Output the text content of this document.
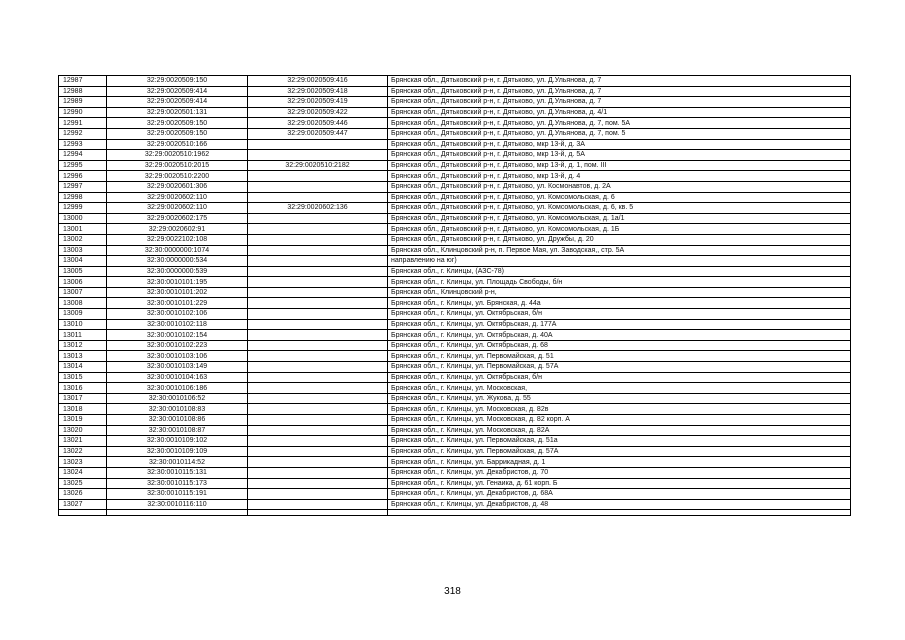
12987	32:29:0020509:150	32:29:0020509:416	Брянская обл., Дятьковский р-н, г. Дятьково, ул. Д.Ульянова, д. 7
12988	32:29:0020509:414	32:29:0020509:418	Брянская обл., Дятьковский р-н, г. Дятьково, ул. Д.Ульянова, д. 7
12989	32:29:0020509:414	32:29:0020509:419	Брянская обл., Дятьковский р-н, г. Дятьково, ул. Д.Ульянова, д. 7
12990	32:29:0020501:131	32:29:0020509:422	Брянская обл., Дятьковский р-н, г. Дятьково, ул. Д.Ульянова, д. 4/1
12991	32:29:0020509:150	32:29:0020509:446	Брянская обл., Дятьковский р-н, г. Дятьково, ул. Д.Ульянова, д. 7, пом. 5А
12992	32:29:0020509:150	32:29:0020509:447	Брянская обл., Дятьковский р-н, г. Дятьково, ул. Д.Ульянова, д. 7, пом. 5
12993	32:29:0020510:166		Брянская обл., Дятьковский р-н, г. Дятьково, мкр 13-й, д. 3А
12994	32:29:0020510:1962		Брянская обл., Дятьковский р-н, г. Дятьково, мкр 13-й, д. 5А
12995	32:29:0020510:2015	32:29:0020510:2182	Брянская обл., Дятьковский р-н, г. Дятьково, мкр 13-й, д. 1, пом. III
12996	32:29:0020510:2200		Брянская обл., Дятьковский р-н, г. Дятьково, мкр 13-й, д. 4
12997	32:29:0020601:306		Брянская обл., Дятьковский р-н, г. Дятьково, ул. Космонавтов, д. 2А
12998	32:29:0020602:110		Брянская обл., Дятьковский р-н, г. Дятьково, ул. Комсомольская, д. 6
12999	32:29:0020602:110	32:29:0020602:136	Брянская обл., Дятьковский р-н, г. Дятьково, ул. Комсомольская, д. 6, кв. 5
13000	32:29:0020602:175		Брянская обл., Дятьковский р-н, г. Дятьково, ул. Комсомольская, д. 1а/1
13001	32:29:0020602:91		Брянская обл., Дятьковский р-н, г. Дятьково, ул. Комсомольская, д. 1Б
13002	32:29:0022102:108		Брянская обл., Дятьковский р-н, г. Дятьково, ул. Дружбы, д. 20
13003	32:30:0000000:1074		Брянская обл., Клинцовский р-н, п. Первое Мая, ул. Заводская,, стр. 5А
13004	32:30:0000000:534		направлению на юг)
13005	32:30:0000000:539		Брянская обл., г. Клинцы, (АЗС-78)
13006	32:30:0010101:195		Брянская обл., г. Клинцы, ул. Площадь Свободы, б/н
13007	32:30:0010101:202		Брянская обл., Клинцовский р-н,
13008	32:30:0010101:229		Брянская обл., г. Клинцы, ул. Брянская, д. 44а
13009	32:30:0010102:106		Брянская обл., г. Клинцы, ул. Октябрьская, б/н
13010	32:30:0010102:118		Брянская обл., г. Клинцы, ул. Октябрьская, д. 177А
13011	32:30:0010102:154		Брянская обл., г. Клинцы, ул. Октябрьская, д. 40А
13012	32:30:0010102:223		Брянская обл., г. Клинцы, ул. Октябрьская, д. 68
13013	32:30:0010103:106		Брянская обл., г. Клинцы, ул. Первомайская, д. 51
13014	32:30:0010103:149		Брянская обл., г. Клинцы, ул. Первомайская, д. 57А
13015	32:30:0010104:163		Брянская обл., г. Клинцы, ул. Октябрьская, б/н
13016	32:30:0010106:186		Брянская обл., г. Клинцы, ул. Московская,
13017	32:30:0010106:52		Брянская обл., г. Клинцы, ул. Жукова, д. 55
13018	32:30:0010108:83		Брянская обл., г. Клинцы, ул. Московская, д. 82в
13019	32:30:0010108:86		Брянская обл., г. Клинцы, ул. Московская, д. 82 корп. А
13020	32:30:0010108:87		Брянская обл., г. Клинцы, ул. Московская, д. 82А
13021	32:30:0010109:102		Брянская обл., г. Клинцы, ул. Первомайская, д. 51а
13022	32:30:0010109:109		Брянская обл., г. Клинцы, ул. Первомайская, д. 57А
13023	32:30:0010114:52		Брянская обл., г. Клинцы, ул. Баррикадная, д. 1
13024	32:30:0010115:131		Брянская обл., г. Клинцы, ул. Декабристов, д. 70
13025	32:30:0010115:173		Брянская обл., г. Клинцы, ул. Генаика, д. 61 корп. Б
13026	32:30:0010115:191		Брянская обл., г. Клинцы, ул. Декабристов, д. 68А
13027	32:30:0010116:110		Брянская обл., г. Клинцы, ул. Декабристов, д. 48

318
